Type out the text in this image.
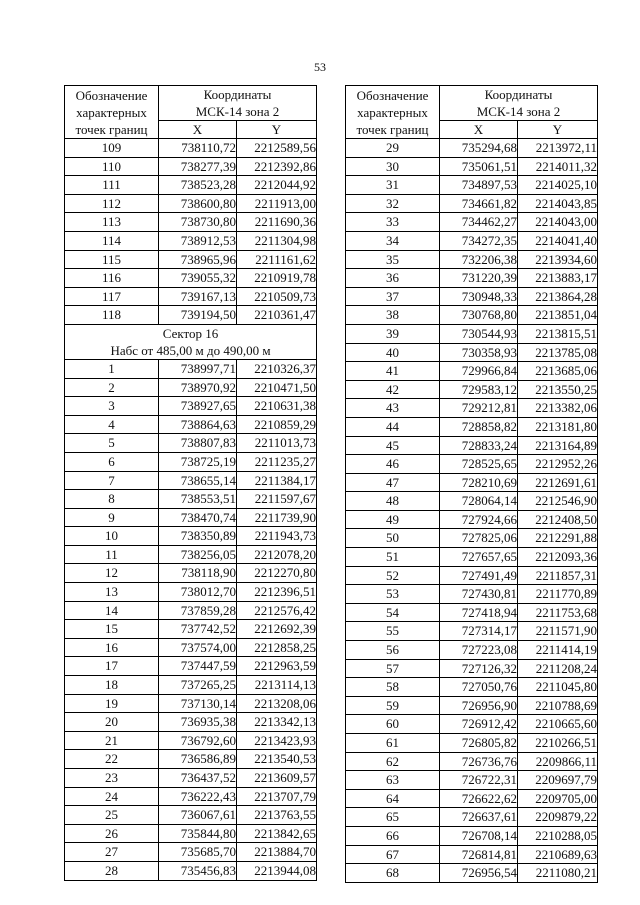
53
Обозначение
характерных
точек границ	Координаты
МСК-14 зона 2	
	X	Y
109	738110,72	2212589,56
110	738277,39	2212392,86
111	738523,28	2212044,92
112	738600,80	2211913,00
113	738730,80	2211690,36
114	738912,53	2211304,98
115	738965,96	2211161,62
116	739055,32	2210919,78
117	739167,13	2210509,73
118	739194,50	2210361,47
Сектор 16
Набс от 485,00 м до 490,00 м		
1	738997,71	2210326,37
2	738970,92	2210471,50
3	738927,65	2210631,38
4	738864,63	2210859,29
5	738807,83	2211013,73
6	738725,19	2211235,27
7	738655,14	2211384,17
8	738553,51	2211597,67
9	738470,74	2211739,90
10	738350,89	2211943,73
11	738256,05	2212078,20
12	738118,90	2212270,80
13	738012,70	2212396,51
14	737859,28	2212576,42
15	737742,52	2212692,39
16	737574,00	2212858,25
17	737447,59	2212963,59
18	737265,25	2213114,13
19	737130,14	2213208,06
20	736935,38	2213342,13
21	736792,60	2213423,93
22	736586,89	2213540,53
23	736437,52	2213609,57
24	736222,43	2213707,79
25	736067,61	2213763,55
26	735844,80	2213842,65
27	735685,70	2213884,70
28	735456,83	2213944,08
Обозначение
характерных
точек границ	Координаты
МСК-14 зона 2	
	X	Y
29	735294,68	2213972,11
30	735061,51	2214011,32
31	734897,53	2214025,10
32	734661,82	2214043,85
33	734462,27	2214043,00
34	734272,35	2214041,40
35	732206,38	2213934,60
36	731220,39	2213883,17
37	730948,33	2213864,28
38	730768,80	2213851,04
39	730544,93	2213815,51
40	730358,93	2213785,08
41	729966,84	2213685,06
42	729583,12	2213550,25
43	729212,81	2213382,06
44	728858,82	2213181,80
45	728833,24	2213164,89
46	728525,65	2212952,26
47	728210,69	2212691,61
48	728064,14	2212546,90
49	727924,66	2212408,50
50	727825,06	2212291,88
51	727657,65	2212093,36
52	727491,49	2211857,31
53	727430,81	2211770,89
54	727418,94	2211753,68
55	727314,17	2211571,90
56	727223,08	2211414,19
57	727126,32	2211208,24
58	727050,76	2211045,80
59	726956,90	2210788,69
60	726912,42	2210665,60
61	726805,82	2210266,51
62	726736,76	2209866,11
63	726722,31	2209697,79
64	726622,62	2209705,00
65	726637,61	2209879,22
66	726708,14	2210288,05
67	726814,81	2210689,63
68	726956,54	2211080,21
